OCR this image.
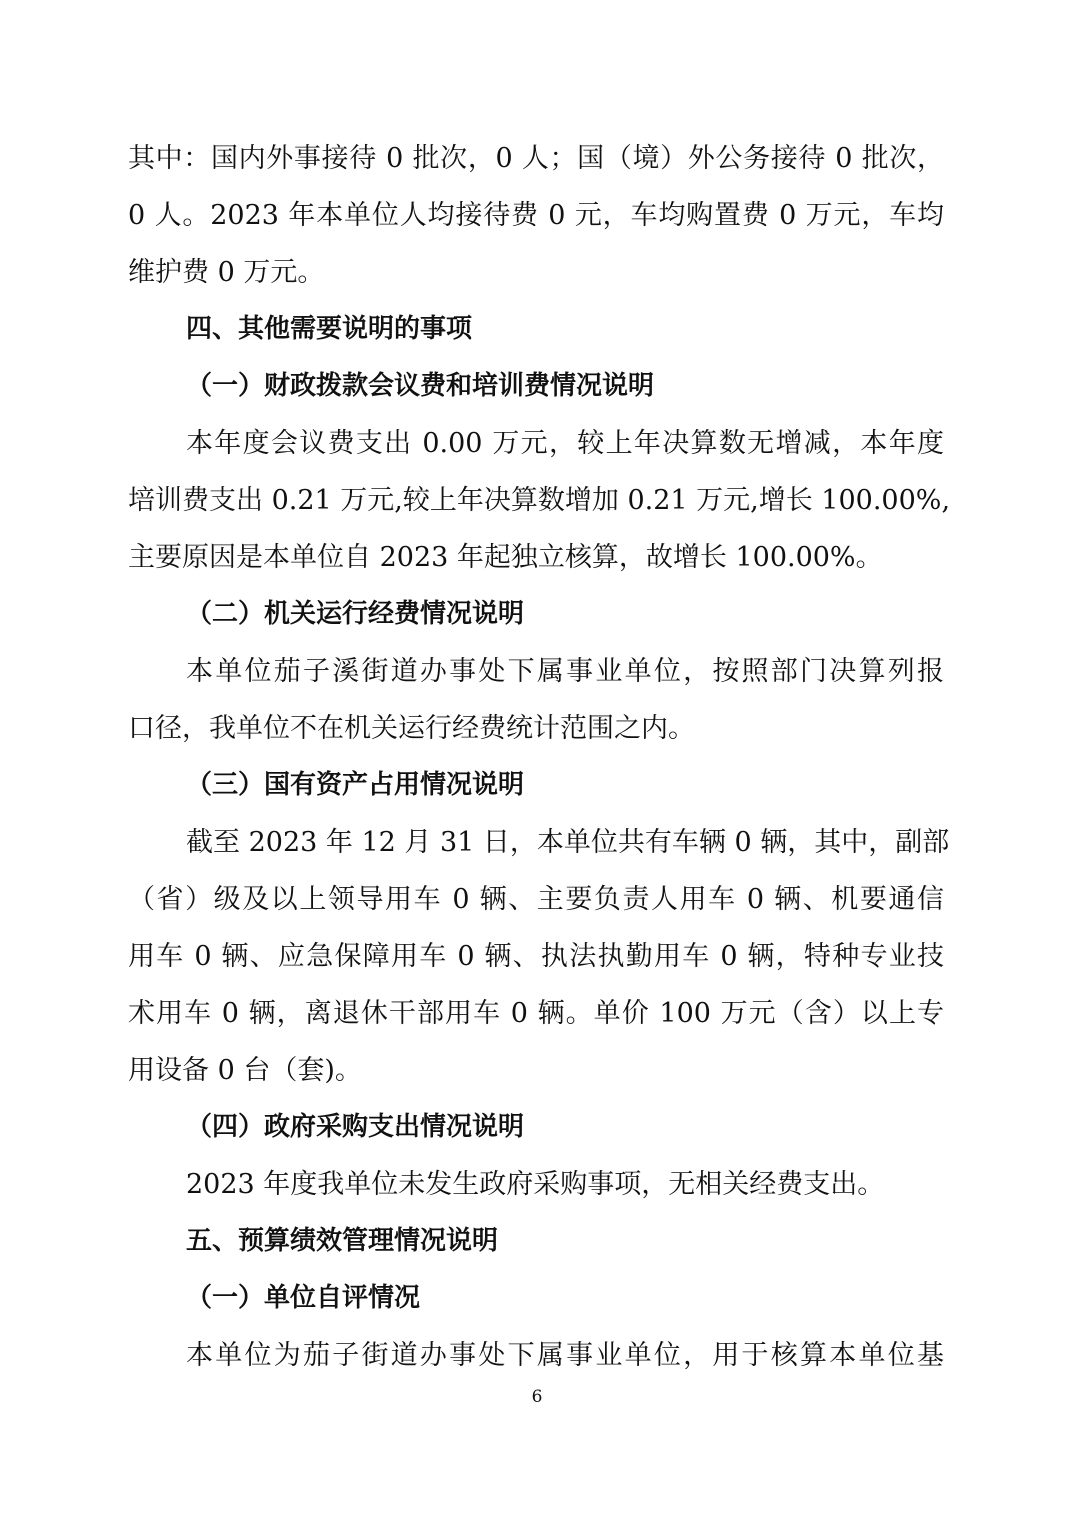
其中：国内外事接待 0 批次，0 人；国（境）外公务接待 0 批次，
0 人。2023 年本单位人均接待费 0 元，车均购置费 0 万元，车均
维护费 0 万元。
四、其他需要说明的事项
（一）财政拨款会议费和培训费情况说明
本年度会议费支出 0.00 万元，较上年决算数无增减，本年度
培训费支出 0.21 万元,较上年决算数增加 0.21 万元,增长 100.00%,
主要原因是本单位自 2023 年起独立核算，故增长 100.00%。
（二）机关运行经费情况说明
本单位茄子溪街道办事处下属事业单位，按照部门决算列报
口径，我单位不在机关运行经费统计范围之内。
（三）国有资产占用情况说明
截至 2023 年 12 月 31 日，本单位共有车辆 0 辆，其中，副部
（省）级及以上领导用车 0 辆、主要负责人用车 0 辆、机要通信
用车 0 辆、应急保障用车 0 辆、执法执勤用车 0 辆，特种专业技
术用车 0 辆，离退休干部用车 0 辆。单价 100 万元（含）以上专
用设备 0 台（套)。
（四）政府采购支出情况说明
2023 年度我单位未发生政府采购事项，无相关经费支出。
五、预算绩效管理情况说明
（一）单位自评情况
本单位为茄子街道办事处下属事业单位，用于核算本单位基
6
